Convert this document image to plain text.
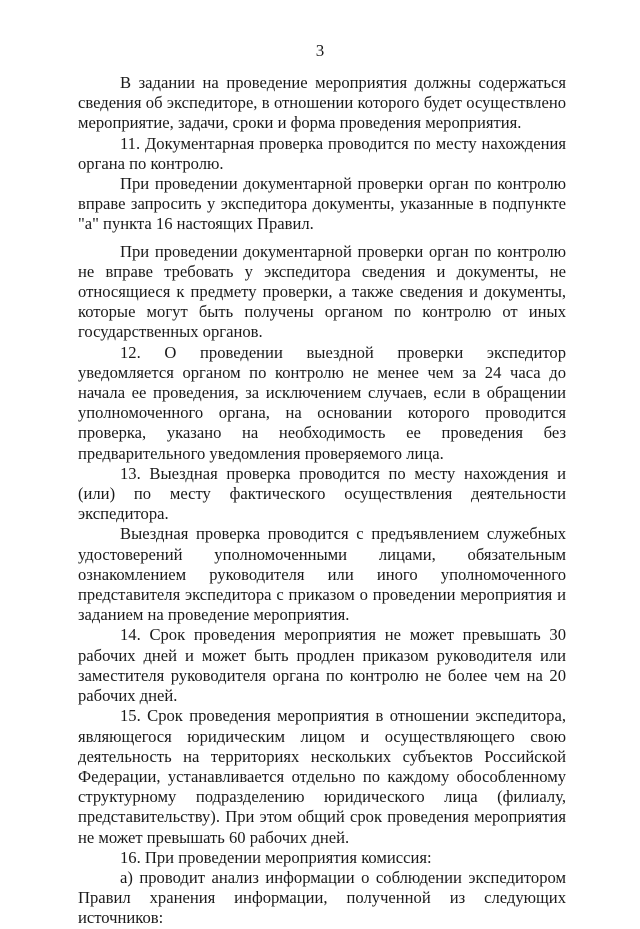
3

В задании на проведение мероприятия должны содержаться сведения об экспедиторе, в отношении которого будет осуществлено мероприятие, задачи, сроки и форма проведения мероприятия.

11. Документарная проверка проводится по месту нахождения органа по контролю.

При проведении документарной проверки орган по контролю вправе запросить у экспедитора документы, указанные в подпункте "а" пункта 16 настоящих Правил.

При проведении документарной проверки орган по контролю не вправе требовать у экспедитора сведения и документы, не относящиеся к предмету проверки, а также сведения и документы, которые могут быть получены органом по контролю от иных государственных органов.

12. О проведении выездной проверки экспедитор уведомляется органом по контролю не менее чем за 24 часа до начала ее проведения, за исключением случаев, если в обращении уполномоченного органа, на основании которого проводится проверка, указано на необходимость ее проведения без предварительного уведомления проверяемого лица.

13. Выездная проверка проводится по месту нахождения и (или) по месту фактического осуществления деятельности экспедитора.

Выездная проверка проводится с предъявлением служебных удостоверений уполномоченными лицами, обязательным ознакомлением руководителя или иного уполномоченного представителя экспедитора с приказом о проведении мероприятия и заданием на проведение мероприятия.

14. Срок проведения мероприятия не может превышать 30 рабочих дней и может быть продлен приказом руководителя или заместителя руководителя органа по контролю не более чем на 20 рабочих дней.

15. Срок проведения мероприятия в отношении экспедитора, являющегося юридическим лицом и осуществляющего свою деятельность на территориях нескольких субъектов Российской Федерации, устанавливается отдельно по каждому обособленному структурному подразделению юридического лица (филиалу, представительству). При этом общий срок проведения мероприятия не может превышать 60 рабочих дней.

16. При проведении мероприятия комиссия:

а) проводит анализ информации о соблюдении экспедитором Правил хранения информации, полученной из следующих источников:
